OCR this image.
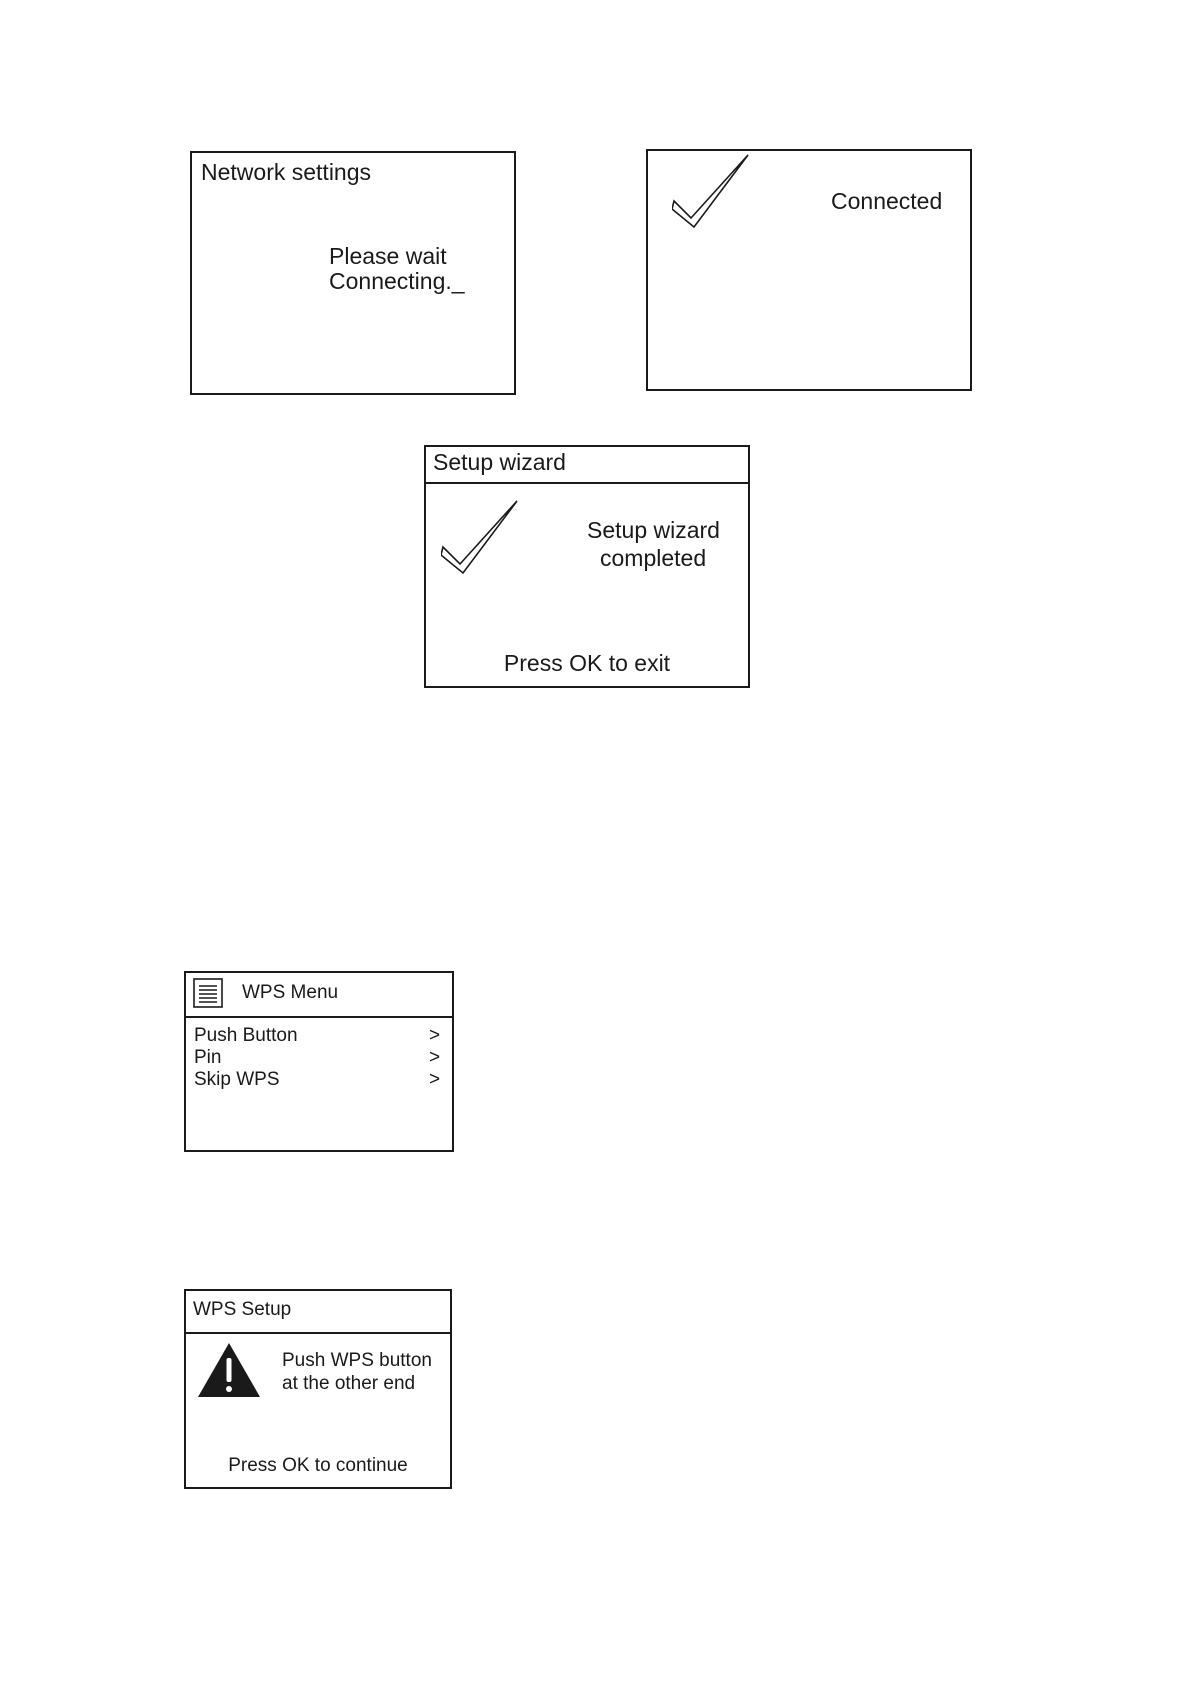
Network settings
Please wait
Connecting._
Connected
Setup wizard
Setup wizard
completed
Press OK to exit
WPS Menu
Push Button	>
Pin	>
Skip WPS	>
WPS Setup
Push WPS button
at the other end
Press OK to continue
